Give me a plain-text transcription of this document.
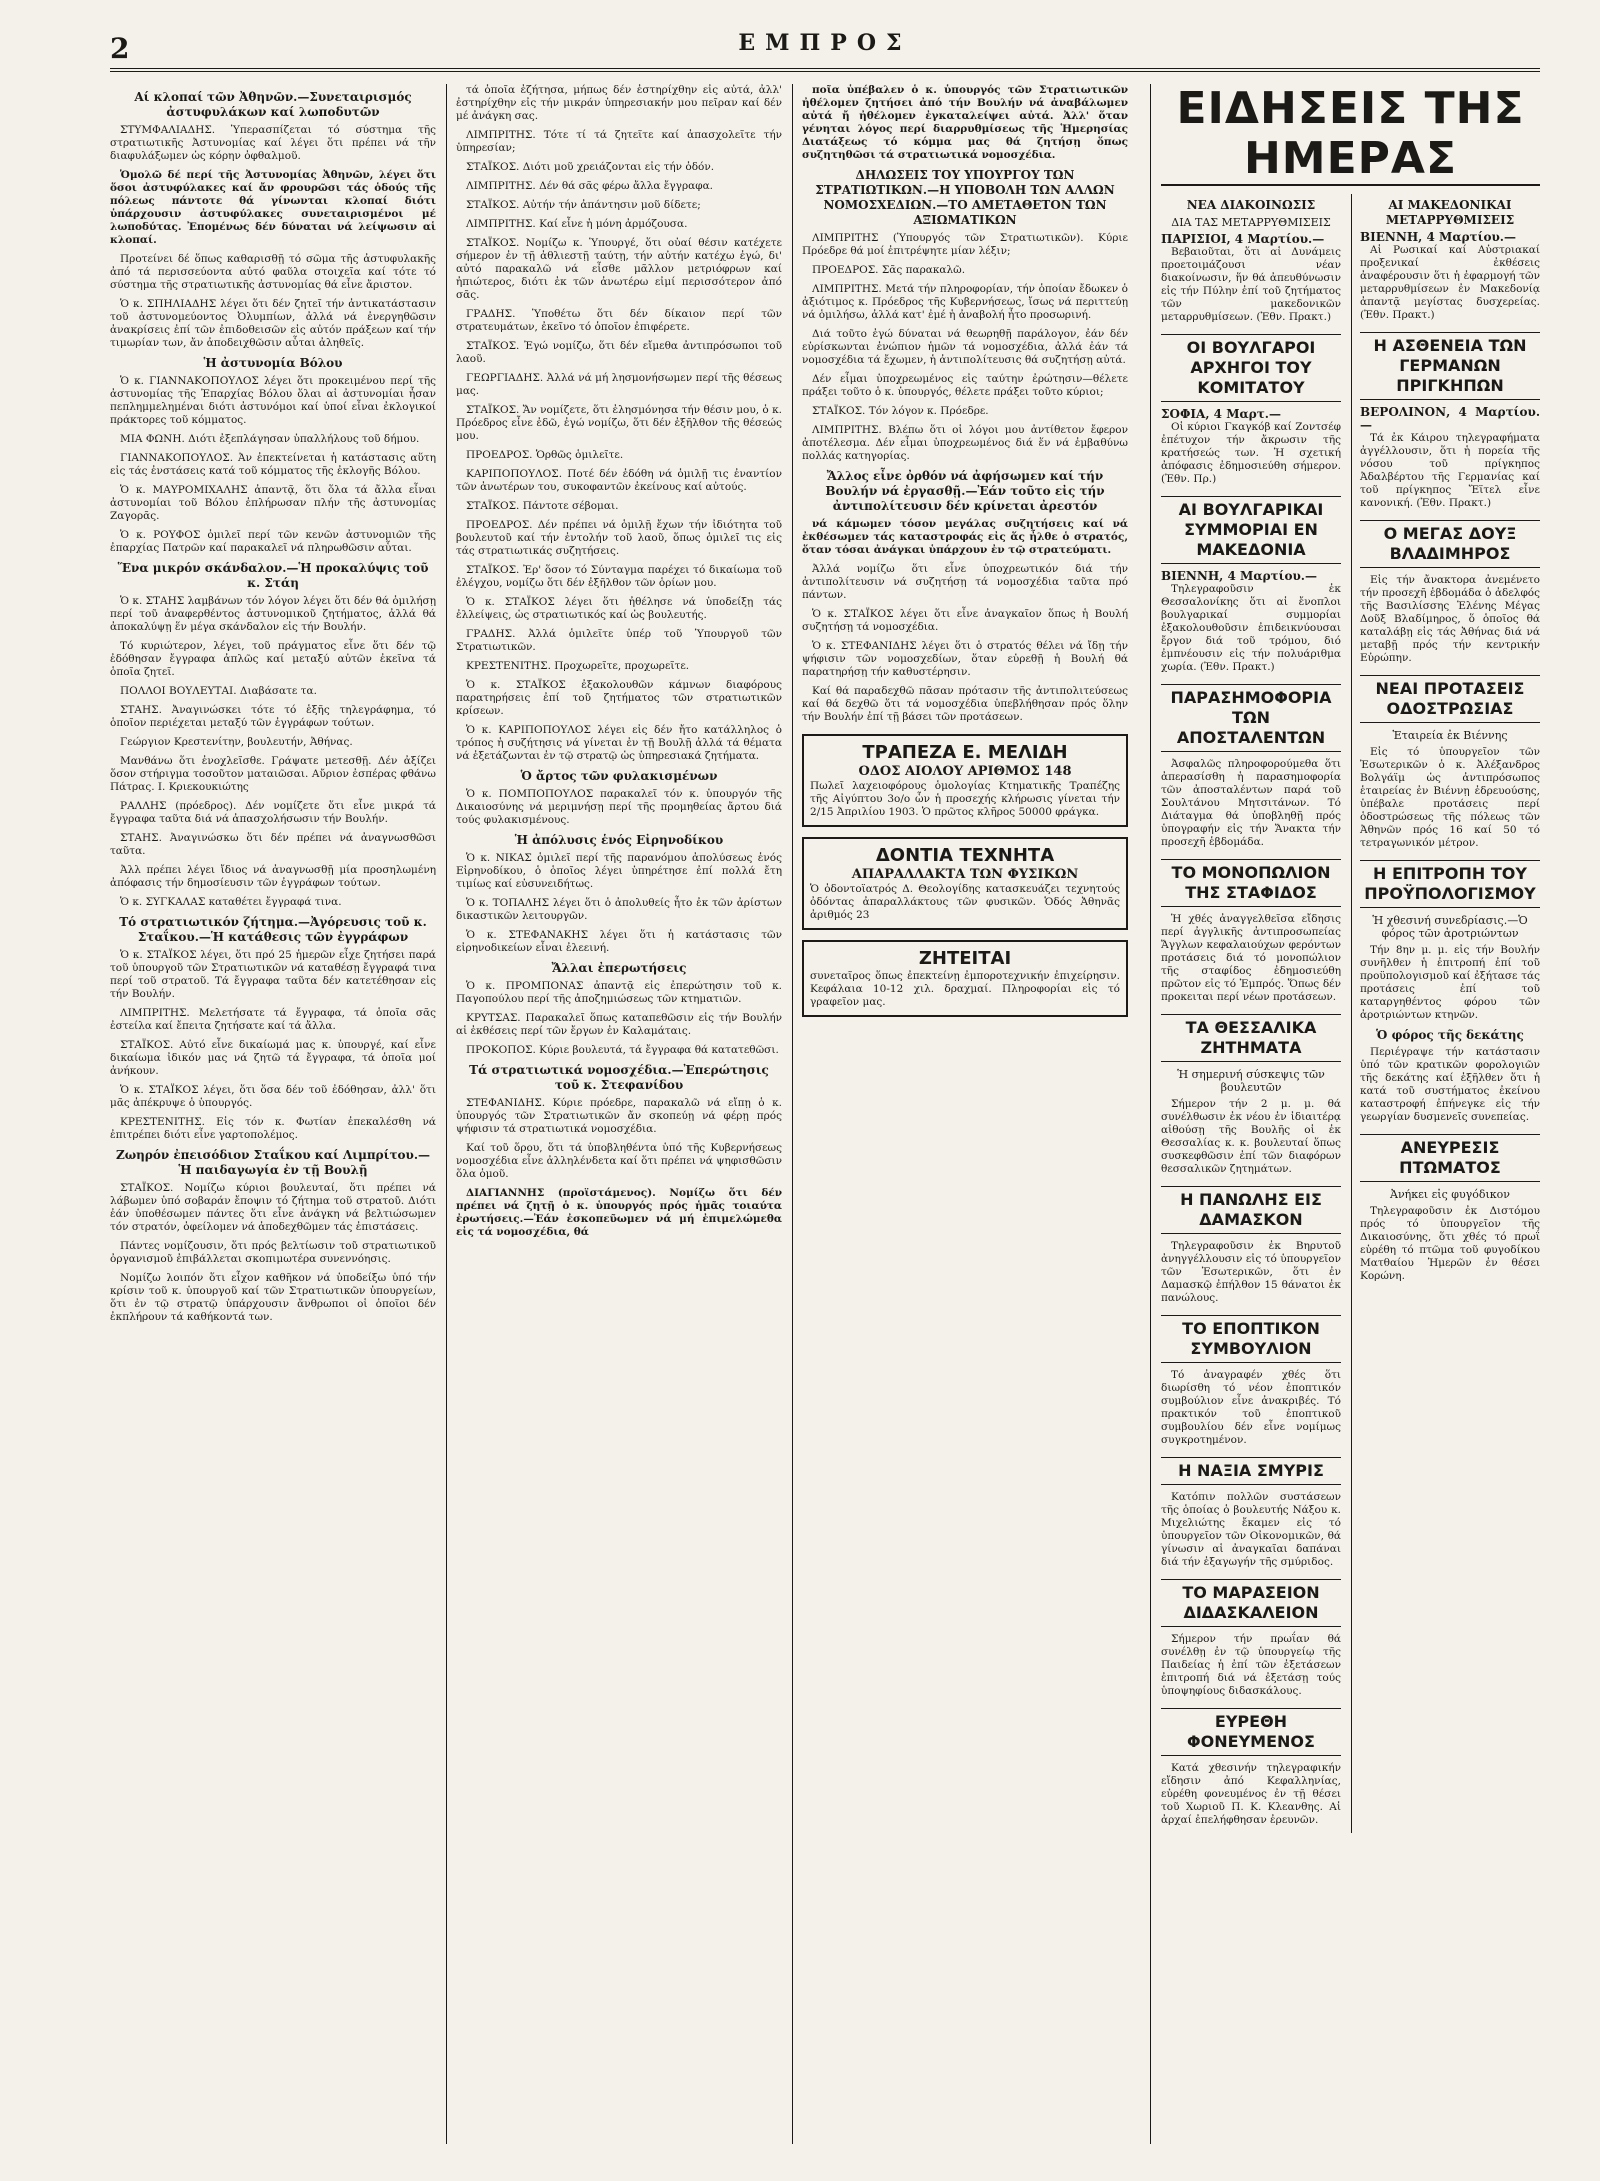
2	ΕΜΠΡΟΣ
Αί κλοπαί τῶν Ἀθηνῶν.—Συνεταιρισμός ἀστυφυλάκων καί λωποδυτῶν

ΣΤΥΜΦΑΛΙΑΔΗΣ. Ὑπερασπίζεται τό σύστημα τῆς στρατιωτικῆς Ἀστυνομίας καί λέγει ὅτι πρέπει νά τῆν διαφυλάξωμεν ὡς κόρην ὀφθαλμοῦ.

Ὁμολῶ δέ περί τῆς Ἀστυνομίας Ἀθηνῶν, λέγει ὅτι ὅσοι ἀστυφύλακες καί ἄν φρουρῶσι τάς ὁδούς τῆς πόλεως πάντοτε θά γίνωνται κλοπαί διότι ὑπάρχουσιν ἀστυφύλακες συνεταιρισμένοι μέ λωποδύτας. Ἐπομένως δέν δύναται νά λείψωσιν αἱ κλοπαί.

Προτείνει δέ ὅπως καθαρισθῇ τό σῶμα τῆς ἀστυφυλακῆς ἀπό τά περισσεύοντα αὐτό φαῦλα στοιχεῖα καί τότε τό σύστημα τῆς στρατιωτικῆς ἀστυνομίας θά εἶνε ἄριστον.

Ὁ κ. ΣΠΗΛΙΑΔΗΣ λέγει ὅτι δέν ζητεῖ τήν ἀντικατάστασιν τοῦ ἀστυνομεύοντος Ὀλυμπίων, ἀλλά νά ἐνεργηθῶσιν ἀνακρίσεις ἐπί τῶν ἐπιδοθεισῶν εἰς αὐτόν πράξεων καί τήν τιμωρίαν των, ἄν ἀποδειχθῶσιν αὗται ἀληθεῖς.

Ἡ ἀστυνομία Βόλου

Ὁ κ. ΓΙΑΝΝΑΚΟΠΟΥΛΟΣ λέγει ὅτι προκειμένου περί τῆς ἀστυνομίας τῆς Ἐπαρχίας Βόλου ὅλαι αἱ ἀστυνομίαι ἦσαν πεπλημμελημέναι διότι ἀστυνόμοι καί ὑποί εἶναι ἐκλογικοί πράκτορες τοῦ κόμματος.

ΜΙΑ ΦΩΝΗ. Διότι ἐξεπλάγησαν ὑπαλλήλους τοῦ δήμου.

ΓΙΑΝΝΑΚΟΠΟΥΛΟΣ. Ἀν ἐπεκτείνεται ἡ κατάστασις αὕτη εἰς τάς ἐνστάσεις κατά τοῦ κόμματος τῆς ἐκλογῆς Βόλου.

Ὁ κ. ΜΑΥΡΟΜΙΧΑΛΗΣ ἀπαντᾷ, ὅτι ὅλα τά ἄλλα εἶναι ἀστυνομίαι τοῦ Βόλου ἐπλήρωσαν πλήν τῆς ἀστυνομίας Ζαγορᾶς.

Ὁ κ. ΡΟΥΦΟΣ ὁμιλεῖ περί τῶν κενῶν ἀστυνομιῶν τῆς ἐπαρχίας Πατρῶν καί παρακαλεῖ νά πληρωθῶσιν αὗται.

Ἕνα μικρόν σκάνδαλον.—Ἡ προκαλύψις τοῦ κ. Στάη

Ὁ κ. ΣΤΑΗΣ λαμβάνων τόν λόγον λέγει ὅτι δέν θά ὁμιλήσῃ περί τοῦ ἀναφερθέντος ἀστυνομικοῦ ζητήματος, ἀλλά θά ἀποκαλύψῃ ἕν μέγα σκάνδαλον εἰς τήν Βουλήν.

Τό κυριώτερον, λέγει, τοῦ πράγματος εἶνε ὅτι δέν τῷ ἐδόθησαν ἔγγραφα ἀπλῶς καί μεταξύ αὐτῶν ἐκεῖνα τά ὁποῖα ζητεῖ.

ΠΟΛΛΟΙ ΒΟΥΛΕΥΤΑΙ. Διαβάσατε τα.

ΣΤΑΗΣ. Ἀναγινώσκει τότε τό ἑξῆς τηλεγράφημα, τό ὁποῖον περιέχεται μεταξύ τῶν ἐγγράφων τούτων.

Γεώργιον Κρεστενίτην, βουλευτήν, Ἀθήνας.

Μανθάνω ὅτι ἐνοχλεῖσθε. Γράψατε μετεσθῇ. Δέν ἀξίζει ὅσον στήριγμα τοσοῦτον ματαιῶσαι. Αὔριον ἐσπέρας φθάνω Πάτρας. Ι. Κριεκουκιώτης

ΡΑΛΛΗΣ (πρόεδρος). Δέν νομίζετε ὅτι εἶνε μικρά τά ἔγγραφα ταῦτα διά νά ἀπασχολήσωσιν τήν Βουλήν.

ΣΤΑΗΣ. Ἀναγινώσκω ὅτι δέν πρέπει νά ἀναγνωσθῶσι ταῦτα.

Ἀλλ πρέπει λέγει ἴδιος νά ἀναγνωσθῇ μία προσηλωμένη ἀπόφασις τήν δημοσίευσιν τῶν ἐγγράφων τούτων.

Ὁ κ. ΣΥΓΚΑΛΑΣ καταθέτει ἔγγραφά τινα.

Τό στρατιωτικόν ζήτημα.—Ἀγόρευσις τοῦ κ. Σταΐκου.—Ἡ κατάθεσις τῶν ἐγγράφων

Ὁ κ. ΣΤΑΪΚΟΣ λέγει, ὅτι πρό 25 ἡμερῶν εἶχε ζητήσει παρά τοῦ ὑπουργοῦ τῶν Στρατιωτικῶν νά καταθέσῃ ἔγγραφά τινα περί τοῦ στρατοῦ. Τά ἔγγραφα ταῦτα δέν κατετέθησαν εἰς τήν Βουλήν.

ΛΙΜΠΡΙΤΗΣ. Μελετήσατε τά ἔγγραφα, τά ὁποῖα σᾶς ἐστείλα καί ἔπειτα ζητήσατε καί τά ἄλλα.

ΣΤΑΪΚΟΣ. Αὐτό εἶνε δικαίωμά μας κ. ὑπουργέ, καί εἶνε δικαίωμα ἰδικόν μας νά ζητῶ τά ἔγγραφα, τά ὁποῖα μοί ἀνήκουν.

Ὁ κ. ΣΤΑΪΚΟΣ λέγει, ὅτι ὅσα δέν τοῦ ἐδόθησαν, ἀλλ' ὅτι μᾶς ἀπέκρυψε ὁ ὑπουργός.

ΚΡΕΣΤΕΝΙΤΗΣ. Εἰς τόν κ. Φωτίαν ἐπεκαλέσθη νά ἐπιτρέπει διότι εἶνε γαρτοπολέμος.

Ζωηρόν ἐπεισόδιον Σταΐκου καί Λιμπρίτου.—Ἡ παιδαγωγία ἐν τῇ Βουλῇ

ΣΤΑΪΚΟΣ. Νομίζω κύριοι βουλευταί, ὅτι πρέπει νά λάβωμεν ὑπό σοβαράν ἔποψιν τό ζήτημα τοῦ στρατοῦ. Διότι ἐάν ὑποθέσωμεν πάντες ὅτι εἶνε ἀνάγκη νά βελτιώσωμεν τόν στρατόν, ὀφείλομεν νά ἀποδεχθῶμεν τάς ἐπιστάσεις.

Πάντες νομίζουσιν, ὅτι πρός βελτίωσιν τοῦ στρατιωτικοῦ ὀργανισμοῦ ἐπιβάλλεται σκοπιμωτέρα συνεννόησις.

Νομίζω λοιπόν ὅτι εἶχον καθῆκον νά ὑποδείξω ὑπό τήν κρίσιν τοῦ κ. ὑπουργοῦ καί τῶν Στρατιωτικῶν ὑπουργείων, ὅτι ἐν τῷ στρατῷ ὑπάρχουσιν ἄνθρωποι οἱ ὁποῖοι δέν ἐκπλήρουν τά καθήκοντά των.

τά ὁποῖα ἐζήτησα, μήπως δέν ἐστηρίχθην εἰς αὐτά, ἀλλ' ἐστηρίχθην εἰς τήν μικράν ὑπηρεσιακήν μου πεῖραν καί δέν μέ ἀνάγκη σας.

ΛΙΜΠΡΙΤΗΣ. Τότε τί τά ζητεῖτε καί ἀπασχολεῖτε τήν ὑπηρεσίαν;

ΣΤΑΪΚΟΣ. Διότι μοῦ χρειάζονται εἰς τήν ὁδόν.

ΛΙΜΠΡΙΤΗΣ. Δέν θά σᾶς φέρω ἄλλα ἔγγραφα.

ΣΤΑΪΚΟΣ. Αὐτήν τήν ἀπάντησιν μοῦ δίδετε;

ΛΙΜΠΡΙΤΗΣ. Καί εἶνε ἡ μόνη ἀρμόζουσα.

ΣΤΑΪΚΟΣ. Νομίζω κ. Ὑπουργέ, ὅτι οὐαί θέσιν κατέχετε σήμερον ἐν τῇ ἀθλιεστῇ ταύτῃ, τήν αὐτήν κατέχω ἐγώ, δι' αὐτό παρακαλῶ νά εἶσθε μᾶλλον μετριόφρων καί ἠπιώτερος, διότι ἐκ τῶν ἀνωτέρω εἰμί περισσότερον ἀπό σᾶς.

ΓΡΑΔΗΣ. Ὑποθέτω ὅτι δέν δίκαιον περί τῶν στρατευμάτων, ἐκεῖνο τό ὁποῖον ἐπιφέρετε.

ΣΤΑΪΚΟΣ. Ἐγώ νομίζω, ὅτι δέν εἴμεθα ἀντιπρόσωποι τοῦ λαοῦ.

ΓΕΩΡΓΙΑΔΗΣ. Ἀλλά νά μή λησμονήσωμεν περί τῆς θέσεως μας.

ΣΤΑΪΚΟΣ. Ἄν νομίζετε, ὅτι ἐλησμόνησα τήν θέσιν μου, ὁ κ. Πρόεδρος εἶνε ἐδῶ, ἐγώ νομίζω, ὅτι δέν ἐξῆλθον τῆς θέσεώς μου.

ΠΡΟΕΔΡΟΣ. Ὁρθῶς ὁμιλεῖτε.

ΚΑΡΙΠΟΠΟΥΛΟΣ. Ποτέ δέν ἐδόθη νά ὁμιλῇ τις ἐναντίον τῶν ἀνωτέρων του, συκοφαντῶν ἐκείνους καί αὐτούς.

ΣΤΑΪΚΟΣ. Πάντοτε σέβομαι.

ΠΡΟΕΔΡΟΣ. Δέν πρέπει νά ὁμιλῇ ἔχων τήν ἰδιότητα τοῦ βουλευτοῦ καί τήν ἐντολήν τοῦ λαοῦ, ὅπως ὁμιλεῖ τις εἰς τάς στρατιωτικάς συζητήσεις.

ΣΤΑΪΚΟΣ. Ἐρ' ὅσον τό Σύνταγμα παρέχει τό δικαίωμα τοῦ ἐλέγχου, νομίζω ὅτι δέν ἐξῆλθον τῶν ὁρίων μου.

Ὁ κ. ΣΤΑΪΚΟΣ λέγει ὅτι ἠθέλησε νά ὑποδείξῃ τάς ἐλλείψεις, ὡς στρατιωτικός καί ὡς βουλευτής.

ΓΡΑΔΗΣ. Ἀλλά ὁμιλεῖτε ὑπέρ τοῦ Ὑπουργοῦ τῶν Στρατιωτικῶν.

ΚΡΕΣΤΕΝΙΤΗΣ. Προχωρεῖτε, προχωρεῖτε.

Ὁ κ. ΣΤΑΪΚΟΣ ἐξακολουθῶν κάμνων διαφόρους παρατηρήσεις ἐπί τοῦ ζητήματος τῶν στρατιωτικῶν κρίσεων.

Ὁ κ. ΚΑΡΙΠΟΠΟΥΛΟΣ λέγει εἰς δέν ἤτο κατάλληλος ὁ τρόπος ἡ συζήτησις νά γίνεται ἐν τῇ Βουλῇ ἀλλά τά θέματα νά ἐξετάζωνται ἐν τῷ στρατῷ ὡς ὑπηρεσιακά ζητήματα.

Ὁ ἄρτος τῶν φυλακισμένων

Ὁ κ. ΠΟΜΠΟΠΟΥΛΟΣ παρακαλεῖ τόν κ. ὑπουργόν τῆς Δικαιοσύνης νά μεριμνήσῃ περί τῆς προμηθείας ἄρτου διά τούς φυλακισμένους.

Ἡ ἀπόλυσις ἑνός Εἰρηνοδίκου

Ὁ κ. ΝΙΚΑΣ ὁμιλεῖ περί τῆς παρανόμου ἀπολύσεως ἑνός Εἰρηνοδίκου, ὁ ὁποῖος λέγει ὑπηρέτησε ἐπί πολλά ἔτη τιμίως καί εὐσυνειδήτως.

Ὁ κ. ΤΟΠΑΛΗΣ λέγει ὅτι ὁ ἀπολυθείς ἦτο ἐκ τῶν ἀρίστων δικαστικῶν λειτουργῶν.

Ὁ κ. ΣΤΕΦΑΝΑΚΗΣ λέγει ὅτι ἡ κατάστασις τῶν εἰρηνοδικείων εἶναι ἐλεεινή.

Ἄλλαι ἐπερωτήσεις

Ὁ κ. ΠΡΟΜΠΟΝΑΣ ἀπαντᾷ εἰς ἐπερώτησιν τοῦ κ. Παγοπούλου περί τῆς ἀποζημιώσεως τῶν κτηματιῶν.

ΚΡΥΤΣΑΣ. Παρακαλεῖ ὅπως καταπεθῶσιν εἰς τήν Βουλήν αἱ ἐκθέσεις περί τῶν ἔργων ἐν Καλαμάταις.

ΠΡΟΚΟΠΟΣ. Κύριε βουλευτά, τά ἔγγραφα θά κατατεθῶσι.

Τά στρατιωτικά νομοσχέδια.—Ἐπερώτησις τοῦ κ. Στεφανίδου

ΣΤΕΦΑΝΙΔΗΣ. Κύριε πρόεδρε, παρακαλῶ νά εἴπῃ ὁ κ. ὑπουργός τῶν Στρατιωτικῶν ἄν σκοπεύῃ νά φέρῃ πρός ψήφισιν τά στρατιωτικά νομοσχέδια.

Καί τοῦ ὅρου, ὅτι τά ὑποβληθέντα ὑπό τῆς Κυβερνήσεως νομοσχέδια εἶνε ἀλληλένδετα καί ὅτι πρέπει νά ψηφισθῶσιν ὅλα ὁμοῦ.

ΔΙΑΓΙΑΝΝΗΣ (προϊστάμενος). Νομίζω ὅτι δέν πρέπει νά ζητῇ ὁ κ. ὑπουργός πρός ἡμᾶς τοιαύτα ἐρωτήσεις.—Ἐάν ἐσκοπεῦωμεν νά μή ἐπιμελώμεθα εἰς τά νομοσχέδια, θά

ποῖα ὑπέβαλεν ὁ κ. ὑπουργός τῶν Στρατιωτικῶν ἠθέλομεν ζητήσει ἀπό τήν Βουλήν νά ἀναβάλωμεν αὐτά ἤ ἠθέλομεν ἐγκαταλείψει αὐτά. Ἀλλ' ὅταν γένηται λόγος περί διαρρυθμίσεως τῆς Ἡμερησίας Διατάξεως τό κόμμα μας θά ζητήσῃ ὅπως συζητηθῶσι τά στρατιωτικά νομοσχέδια.

ΔΗΛΩΣΕΙΣ ΤΟΥ ΥΠΟΥΡΓΟΥ ΤΩΝ ΣΤΡΑΤΙΩΤΙΚΩΝ.—Η ΥΠΟΒΟΛΗ ΤΩΝ ΑΛΛΩΝ ΝΟΜΟΣΧΕΔΙΩΝ.—ΤΟ ΑΜΕΤΑΘΕΤΟΝ ΤΩΝ ΑΞΙΩΜΑΤΙΚΩΝ

ΛΙΜΠΡΙΤΗΣ (Ὑπουργός τῶν Στρατιωτικῶν). Κύριε Πρόεδρε θά μοί ἐπιτρέψητε μίαν λέξιν;

ΠΡΟΕΔΡΟΣ. Σᾶς παρακαλῶ.

ΛΙΜΠΡΙΤΗΣ. Μετά τήν πληροφορίαν, τήν ὁποίαν ἔδωκεν ὁ ἀξιότιμος κ. Πρόεδρος τῆς Κυβερνήσεως, ἴσως νά περιττεύῃ νά ὁμιλήσω, ἀλλά κατ' ἐμέ ἡ ἀναβολή ἦτο προσωρινή.

Διά τοῦτο ἐγώ δύναται νά θεωρηθῇ παράλογον, ἐάν δέν εὑρίσκωνται ἐνώπιον ἡμῶν τά νομοσχέδια, ἀλλά ἐάν τά νομοσχέδια τά ἔχωμεν, ἡ ἀντιπολίτευσις θά συζητήσῃ αὐτά.

Δέν εἶμαι ὑποχρεωμένος εἰς ταύτην ἐρώτησιν—θέλετε πράξει τοῦτο ὁ κ. ὑπουργός, θέλετε πράξει τοῦτο κύριοι;

ΣΤΑΪΚΟΣ. Τόν λόγον κ. Πρόεδρε.

ΛΙΜΠΡΙΤΗΣ. Βλέπω ὅτι οἱ λόγοι μου ἀντίθετον ἔφερον ἀποτέλεσμα. Δέν εἶμαι ὑποχρεωμένος διά ἕν νά ἐμβαθύνω πολλάς κατηγορίας.

Ἄλλος εἶνε ὀρθόν νά ἀφήσωμεν καί τήν Βουλήν νά ἐργασθῇ.—Ἐάν τοῦτο εἰς τήν ἀντιπολίτευσιν δέν κρίνεται ἀρεστόν

νά κάμωμεν τόσον μεγάλας συζητήσεις καί νά ἐκθέσωμεν τάς καταστροφάς εἰς ἅς ἦλθε ὁ στρατός, ὅταν τόσαι ἀνάγκαι ὑπάρχουν ἐν τῷ στρατεύματι.

Ἀλλά νομίζω ὅτι εἶνε ὑποχρεωτικόν διά τήν ἀντιπολίτευσιν νά συζητήσῃ τά νομοσχέδια ταῦτα πρό πάντων.

Ὁ κ. ΣΤΑΪΚΟΣ λέγει ὅτι εἶνε ἀναγκαῖον ὅπως ἡ Βουλή συζητήσῃ τά νομοσχέδια.

Ὁ κ. ΣΤΕΦΑΝΙΔΗΣ λέγει ὅτι ὁ στρατός θέλει νά ἴδῃ τήν ψήφισιν τῶν νομοσχεδίων, ὅταν εὑρεθῇ ἡ Βουλή θά παρατηρήσῃ τήν καθυστέρησιν.

Καί θά παραδεχθῶ πᾶσαν πρότασιν τῆς ἀντιπολιτεύσεως καί θά δεχθῶ ὅτι τά νομοσχέδια ὑπεβλήθησαν πρός ὅλην τήν Βουλήν ἐπί τῇ βάσει τῶν προτάσεων.

ΤΡΑΠΕΖΑ Ε. ΜΕΛΙΔΗ
ΟΔΟΣ ΑΙΟΛΟΥ ΑΡΙΘΜΟΣ 148
Πωλεῖ λαχειοφόρους ὁμολογίας Κτηματικῆς Τραπέζης τῆς Αἰγύπτου 3ο/ο ὧν ἡ προσεχής κλήρωσις γίνεται τήν 2/15 Ἀπριλίου 1903. Ὁ πρῶτος κλῆρος 50000 φράγκα.
ΔΟΝΤΙΑ ΤΕΧΝΗΤΑ
ΑΠΑΡΑΛΛΑΚΤΑ ΤΩΝ ΦΥΣΙΚΩΝ
Ὁ ὀδοντοϊατρός Δ. Θεολογίδης κατασκευάζει τεχνητούς ὀδόντας ἀπαραλλάκτους τῶν φυσικῶν. Ὁδός Ἀθηνᾶς ἀριθμός 23
ΖΗΤΕΙΤΑΙ
συνεταῖρος ὅπως ἐπεκτείνῃ ἐμποροτεχνικήν ἐπιχείρησιν. Κεφάλαια 10-12 χιλ. δραχμαί. Πληροφορίαι εἰς τό γραφεῖον μας.
ΕΙΔΗΣΕΙΣ ΤΗΣ ΗΜΕΡΑΣ
ΝΕΑ ΔΙΑΚΟΙΝΩΣΙΣ
ΔΙΑ ΤΑΣ ΜΕΤΑΡΡΥΘΜΙΣΕΙΣ
ΠΑΡΙΣΙΟΙ, 4 Μαρτίου.—

Βεβαιοῦται, ὅτι αἱ Δυνάμεις προετοιμάζουσι νέαν διακοίνωσιν, ἥν θά ἀπευθύνωσιν εἰς τήν Πύλην ἐπί τοῦ ζητήματος τῶν μακεδονικῶν μεταρρυθμίσεων. (Ἐθν. Πρακτ.)

ΟΙ ΒΟΥΛΓΑΡΟΙ ΑΡΧΗΓΟΙ ΤΟΥ ΚΟΜΙΤΑΤΟΥ
ΣΟΦΙΑ, 4 Μαρτ.—

Οἱ κύριοι Γκαγκόβ καί Ζοντσέφ ἐπέτυχον τήν ἄκρωσιν τῆς κρατήσεώς των. Ἡ σχετική ἀπόφασις ἐδημοσιεύθη σήμερον. (Ἐθν. Πρ.)

ΑΙ ΒΟΥΛΓΑΡΙΚΑΙ ΣΥΜΜΟΡΙΑΙ ΕΝ ΜΑΚΕΔΟΝΙΑ
ΒΙΕΝΝΗ, 4 Μαρτίου.—

Τηλεγραφοῦσιν ἐκ Θεσσαλονίκης ὅτι αἱ ἔνοπλοι βουλγαρικαί συμμορίαι ἐξακολουθοῦσιν ἐπιδεικνύουσαι ἔργον διά τοῦ τρόμου, διό ἐμπνέουσιν εἰς τήν πολυάριθμα χωρία. (Ἐθν. Πρακτ.)

ΠΑΡΑΣΗΜΟΦΟΡΙΑ ΤΩΝ ΑΠΟΣΤΑΛΕΝΤΩΝ

Ἀσφαλῶς πληροφορούμεθα ὅτι ἀπερασίσθη ἡ παρασημοφορία τῶν ἀποσταλέντων παρά τοῦ Σουλτάνου Μητσιτάνων. Τό Διάταγμα θά ὑποβληθῇ πρός ὑπογραφήν εἰς τήν Ἄνακτα τήν προσεχῆ ἑβδομάδα.

ΤΟ ΜΟΝΟΠΩΛΙΟΝ ΤΗΣ ΣΤΑΦΙΔΟΣ

Ἡ χθές ἀναγγελθεῖσα εἴδησις περί ἀγγλικῆς ἀντιπροσωπείας Ἄγγλων κεφαλαιούχων φερόντων προτάσεις διά τό μονοπώλιον τῆς σταφίδος ἐδημοσιεύθη πρῶτον εἰς τό Ἐμπρός. Ὅπως δέν προκειται περί νέων προτάσεων.

ΤΑ ΘΕΣΣΑΛΙΚΑ ΖΗΤΗΜΑΤΑ
Ἡ σημερινή σύσκεψις τῶν βουλευτῶν

Σήμερον τήν 2 μ. μ. θά συνέλθωσιν ἐκ νέου ἐν ἰδιαιτέρᾳ αἰθούσῃ τῆς Βουλῆς οἱ ἐκ Θεσσαλίας κ. κ. βουλευταί ὅπως συσκεφθῶσιν ἐπί τῶν διαφόρων θεσσαλικῶν ζητημάτων.

Η ΠΑΝΩΛΗΣ ΕΙΣ ΔΑΜΑΣΚΟΝ

Τηλεγραφοῦσιν ἐκ Βηρυτοῦ ἀνηγγέλλουσιν εἰς τό ὑπουργεῖον τῶν Ἐσωτερικῶν, ὅτι ἐν Δαμασκῷ ἐπήλθον 15 θάνατοι ἐκ πανώλους.

ΤΟ ΕΠΟΠΤΙΚΟΝ ΣΥΜΒΟΥΛΙΟΝ

Τό ἀναγραφέν χθές ὅτι διωρίσθη τό νέον ἐποπτικόν συμβούλιον εἶνε ἀνακριβές. Τό πρακτικόν τοῦ ἐποπτικοῦ συμβουλίου δέν εἶνε νομίμως συγκροτημένον.

Η ΝΑΞΙΑ ΣΜΥΡΙΣ

Κατόπιν πολλῶν συστάσεων τῆς ὁποίας ὁ βουλευτής Νάξου κ. Μιχελιώτης ἔκαμεν εἰς τό ὑπουργεῖον τῶν Οἰκονομικῶν, θά γίνωσιν αἱ ἀναγκαῖαι δαπάναι διά τήν ἐξαγωγήν τῆς σμύριδος.

ΤΟ ΜΑΡΑΣΕΙΟΝ ΔΙΔΑΣΚΑΛΕΙΟΝ

Σήμερον τήν πρωΐαν θά συνέλθῃ ἐν τῷ ὑπουργείῳ τῆς Παιδείας ἡ ἐπί τῶν ἐξετάσεων ἐπιτροπή διά νά ἐξετάσῃ τούς ὑποψηφίους διδασκάλους.

ΕΥΡΕΘΗ ΦΟΝΕΥΜΕΝΟΣ

Κατά χθεσινήν τηλεγραφικήν εἴδησιν ἀπό Κεφαλληνίας, εὑρέθη φονευμένος ἐν τῇ θέσει τοῦ Χωριοῦ Π. Κ. Κλεανθης. Αἱ ἀρχαί ἐπελήφθησαν ἐρευνῶν.

ΑΙ ΜΑΚΕΔΟΝΙΚΑΙ ΜΕΤΑΡΡΥΘΜΙΣΕΙΣ
ΒΙΕΝΝΗ, 4 Μαρτίου.—

Αἱ Ρωσικαί καί Αὐστριακαί προξενικαί ἐκθέσεις ἀναφέρουσιν ὅτι ἡ ἐφαρμογή τῶν μεταρρυθμίσεων ἐν Μακεδονίᾳ ἀπαντᾷ μεγίστας δυσχερείας. (Ἐθν. Πρακτ.)

Η ΑΣΘΕΝΕΙΑ ΤΩΝ ΓΕΡΜΑΝΩΝ ΠΡΙΓΚΗΠΩΝ
ΒΕΡΟΛΙΝΟΝ, 4 Μαρτίου.—

Τά ἐκ Κάιρου τηλεγραφήματα ἀγγέλλουσιν, ὅτι ἡ πορεία τῆς νόσου τοῦ πρίγκηπος Ἀδαλβέρτου τῆς Γερμανίας καί τοῦ πρίγκηπος Ἔϊτελ εἶνε κανονική. (Ἐθν. Πρακτ.)

Ο ΜΕΓΑΣ ΔΟΥΞ ΒΛΑΔΙΜΗΡΟΣ

Εἰς τήν ἄνακτορα ἀνεμένετο τήν προσεχῆ ἑβδομάδα ὁ ἀδελφός τῆς Βασιλίσσης Ἑλένης Μέγας Δοῦξ Βλαδίμηρος, ὅ ὁποῖος θά καταλάβῃ εἰς τάς Ἀθήνας διά νά μεταβῇ πρός τήν κεντρικήν Εὐρώπην.

ΝΕΑΙ ΠΡΟΤΑΣΕΙΣ ΟΔΟΣΤΡΩΣΙΑΣ
Ἑταιρεία ἐκ Βιέννης

Εἰς τό ὑπουργεῖον τῶν Ἐσωτερικῶν ὁ κ. Ἀλέξανδρος Βολγάϊμ ὡς ἀντιπρόσωπος ἑταιρείας ἐν Βιέννῃ ἐδρευούσης, ὑπέβαλε προτάσεις περί ὁδοστρώσεως τῆς πόλεως τῶν Ἀθηνῶν πρός 16 καί 50 τό τετραγωνικόν μέτρον.

Η ΕΠΙΤΡΟΠΗ ΤΟΥ ΠΡΟΫΠΟΛΟΓΙΣΜΟΥ
Ἡ χθεσινή συνεδρίασις.—Ὁ φόρος τῶν ἀροτριώντων

Τήν 8ην μ. μ. εἰς τήν Βουλήν συνῆλθεν ἡ ἐπιτροπή ἐπί τοῦ προϋπολογισμοῦ καί ἐξήτασε τάς προτάσεις ἐπί τοῦ καταργηθέντος φόρου τῶν ἀροτριώντων κτηνῶν.

Ὁ φόρος τῆς δεκάτης

Περιέγραψε τήν κατάστασιν ὑπό τῶν κρατικῶν φορολογιῶν τῆς δεκάτης καί ἐξῆλθεν ὅτι ἡ κατά τοῦ συστήματος ἐκείνου καταστροφή ἐπήνεγκε εἰς τήν γεωργίαν δυσμενεῖς συνεπείας.

ΑΝΕΥΡΕΣΙΣ ΠΤΩΜΑΤΟΣ
Ἀνήκει εἰς φυγόδικον

Τηλεγραφοῦσιν ἐκ Διστόμου πρός τό ὑπουργεῖον τῆς Δικαιοσύνης, ὅτι χθές τό πρωΐ εὑρέθη τό πτῶμα τοῦ φυγοδίκου Ματθαίου Ἡμερῶν ἐν θέσει Κορώνη.
